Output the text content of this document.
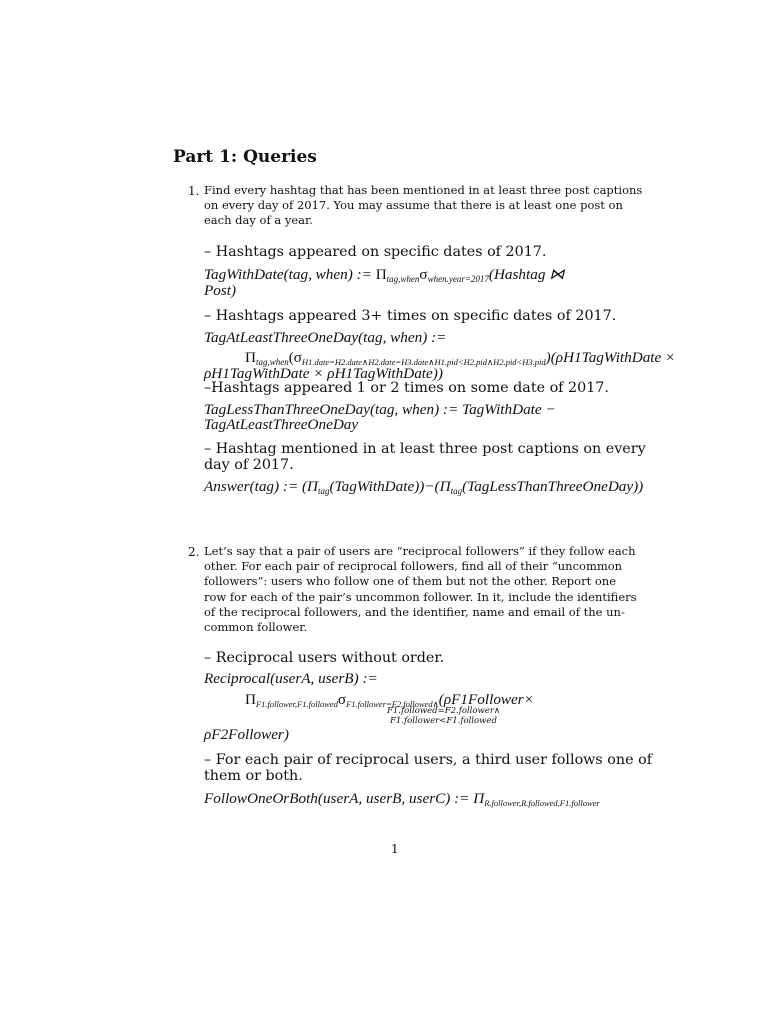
Part 1: Queries
1. Find every hashtag that has been mentioned in at least three post captions
on every day of 2017. You may assume that there is at least one post on
each day of a year.
– Hashtags appeared on specific dates of 2017.
TagWithDate(tag, when) := Πtag,whenσwhen.year=2017(Hashtag ⋈
Post)
– Hashtags appeared 3+ times on specific dates of 2017.
TagAtLeastThreeOneDay(tag, when) :=
Πtag,when(σH1.date=H2.date∧H2.date=H3.date∧H1.pid<H2.pid∧H2.pid<H3.pid)(ρH1TagWithDate ×
ρH1TagWithDate × ρH1TagWithDate))
–Hashtags appeared 1 or 2 times on some date of 2017.
TagLessThanThreeOneDay(tag, when) := TagWithDate −
TagAtLeastThreeOneDay
– Hashtag mentioned in at least three post captions on every
day of 2017.
Answer(tag) := (Πtag(TagWithDate))−(Πtag(TagLessThanThreeOneDay))
2. Let’s say that a pair of users are “reciprocal followers” if they follow each
other. For each pair of reciprocal followers, find all of their “uncommon
followers”: users who follow one of them but not the other. Report one
row for each of the pair’s uncommon follower. In it, include the identifiers
of the reciprocal followers, and the identifier, name and email of the un-
common follower.
– Reciprocal users without order.
Reciprocal(userA, userB) :=
ΠF1.follower,F1.followedσF1.follower=F2.followed∧(ρF1Follower×
F1.followed=F2.follower∧
F1.follower<F1.followed
ρF2Follower)
– For each pair of reciprocal users, a third user follows one of
them or both.
FollowOneOrBoth(userA, userB, userC) := ΠR.follower,R.followed,F1.follower
1
